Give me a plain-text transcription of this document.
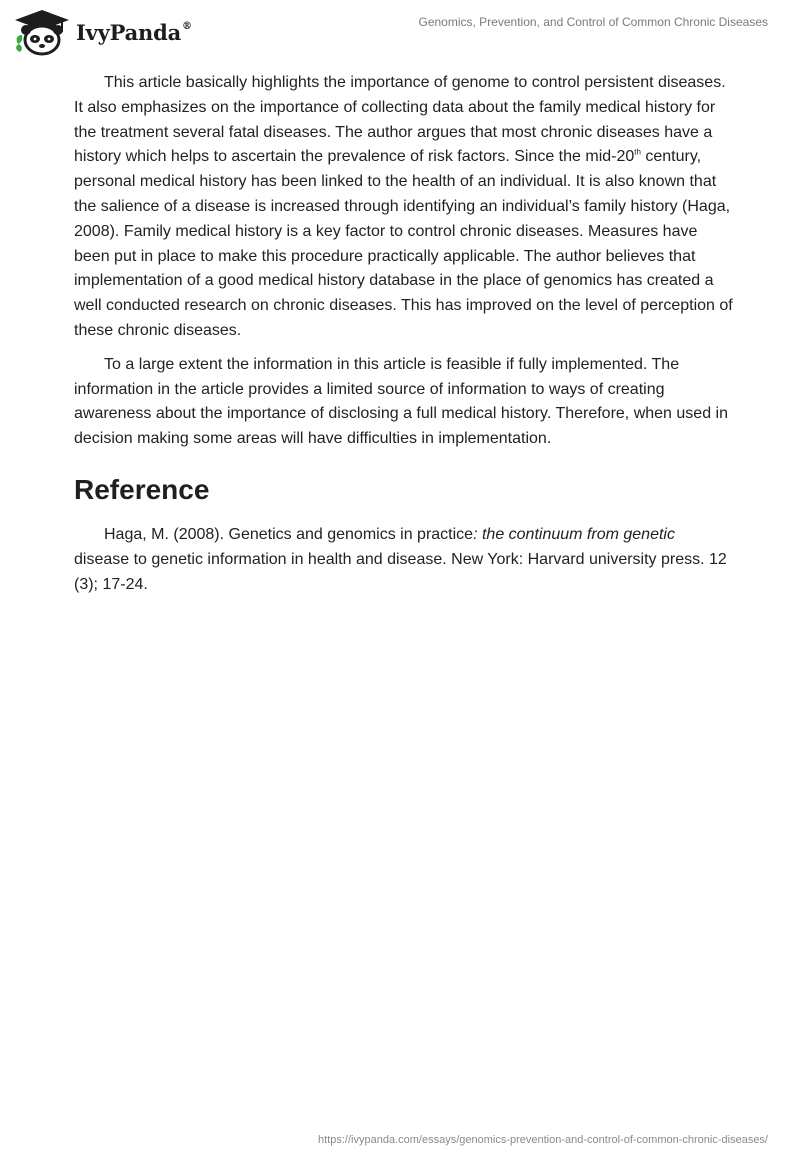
IvyPanda®	Genomics, Prevention, and Control of Common Chronic Diseases

This article basically highlights the importance of genome to control persistent diseases. It also emphasizes on the importance of collecting data about the family medical history for the treatment several fatal diseases. The author argues that most chronic diseases have a history which helps to ascertain the prevalence of risk factors. Since the mid-20th century, personal medical history has been linked to the health of an individual. It is also known that the salience of a disease is increased through identifying an individual’s family history (Haga, 2008). Family medical history is a key factor to control chronic diseases. Measures have been put in place to make this procedure practically applicable. The author believes that implementation of a good medical history database in the place of genomics has created a well conducted research on chronic diseases. This has improved on the level of perception of these chronic diseases.

To a large extent the information in this article is feasible if fully implemented. The information in the article provides a limited source of information to ways of creating awareness about the importance of disclosing a full medical history. Therefore, when used in decision making some areas will have difficulties in implementation.

Reference

Haga, M. (2008). Genetics and genomics in practice: the continuum from genetic disease to genetic information in health and disease. New York: Harvard university press. 12 (3); 17-24.

https://ivypanda.com/essays/genomics-prevention-and-control-of-common-chronic-diseases/
